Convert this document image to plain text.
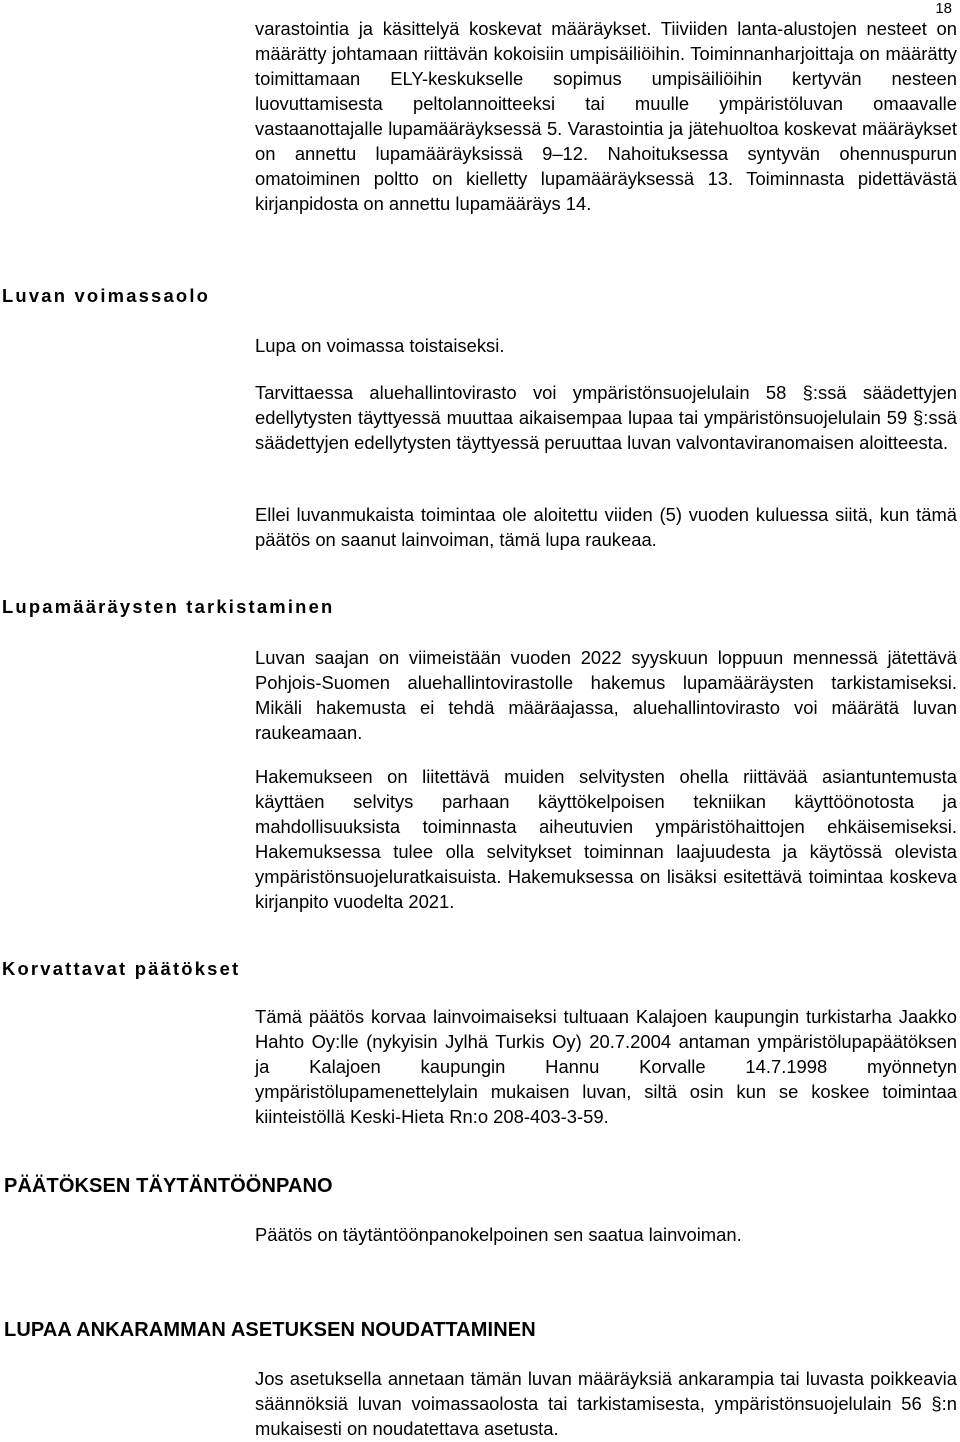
18

varastointia ja käsittelyä koskevat määräykset. Tiiviiden lanta-alustojen nesteet on määrätty johtamaan riittävän kokoisiin umpisäiliöihin. Toiminnanharjoittaja on määrätty toimittamaan ELY-keskukselle sopimus umpisäiliöihin kertyvän nesteen luovuttamisesta peltolannoitteeksi tai muulle ympäristöluvan omaavalle vastaanottajalle lupamääräyksessä 5. Varastointia ja jätehuoltoa koskevat määräykset on annettu lupamääräyksissä 9–12. Nahoituksessa syntyvän ohennuspurun omatoiminen poltto on kielletty lupamääräyksessä 13. Toiminnasta pidettävästä kirjanpidosta on annettu lupamääräys 14.

Luvan voimassaolo

Lupa on voimassa toistaiseksi.

Tarvittaessa aluehallintovirasto voi ympäristönsuojelulain 58 §:ssä säädettyjen edellytysten täyttyessä muuttaa aikaisempaa lupaa tai ympäristönsuojelulain 59 §:ssä säädettyjen edellytysten täyttyessä peruuttaa luvan valvontaviranomaisen aloitteesta.

Ellei luvanmukaista toimintaa ole aloitettu viiden (5) vuoden kuluessa siitä, kun tämä päätös on saanut lainvoiman, tämä lupa raukeaa.

Lupamääräysten tarkistaminen

Luvan saajan on viimeistään vuoden 2022 syyskuun loppuun mennessä jätettävä Pohjois-Suomen aluehallintovirastolle hakemus lupamääräysten tarkistamiseksi. Mikäli hakemusta ei tehdä määräajassa, aluehallintovirasto voi määrätä luvan raukeamaan.

Hakemukseen on liitettävä muiden selvitysten ohella riittävää asiantuntemusta käyttäen selvitys parhaan käyttökelpoisen tekniikan käyttöönotosta ja mahdollisuuksista toiminnasta aiheutuvien ympäristöhaittojen ehkäisemiseksi. Hakemuksessa tulee olla selvitykset toiminnan laajuudesta ja käytössä olevista ympäristönsuojeluratkaisuista. Hakemuksessa on lisäksi esitettävä toimintaa koskeva kirjanpito vuodelta 2021.

Korvattavat päätökset

Tämä päätös korvaa lainvoimaiseksi tultuaan Kalajoen kaupungin turkistarha Jaakko Hahto Oy:lle (nykyisin Jylhä Turkis Oy) 20.7.2004 antaman ympäristölupapäätöksen ja Kalajoen kaupungin Hannu Korvalle 14.7.1998 myönnetyn ympäristölupamenettelylain mukaisen luvan, siltä osin kun se koskee toimintaa kiinteistöllä Keski-Hieta Rn:o 208-403-3-59.

PÄÄTÖKSEN TÄYTÄNTÖÖNPANO

Päätös on täytäntöönpanokelpoinen sen saatua lainvoiman.

LUPAA ANKARAMMAN ASETUKSEN NOUDATTAMINEN

Jos asetuksella annetaan tämän luvan määräyksiä ankarampia tai luvasta poikkeavia säännöksiä luvan voimassaolosta tai tarkistamisesta, ympäristönsuojelulain 56 §:n mukaisesti on noudatettava asetusta.
